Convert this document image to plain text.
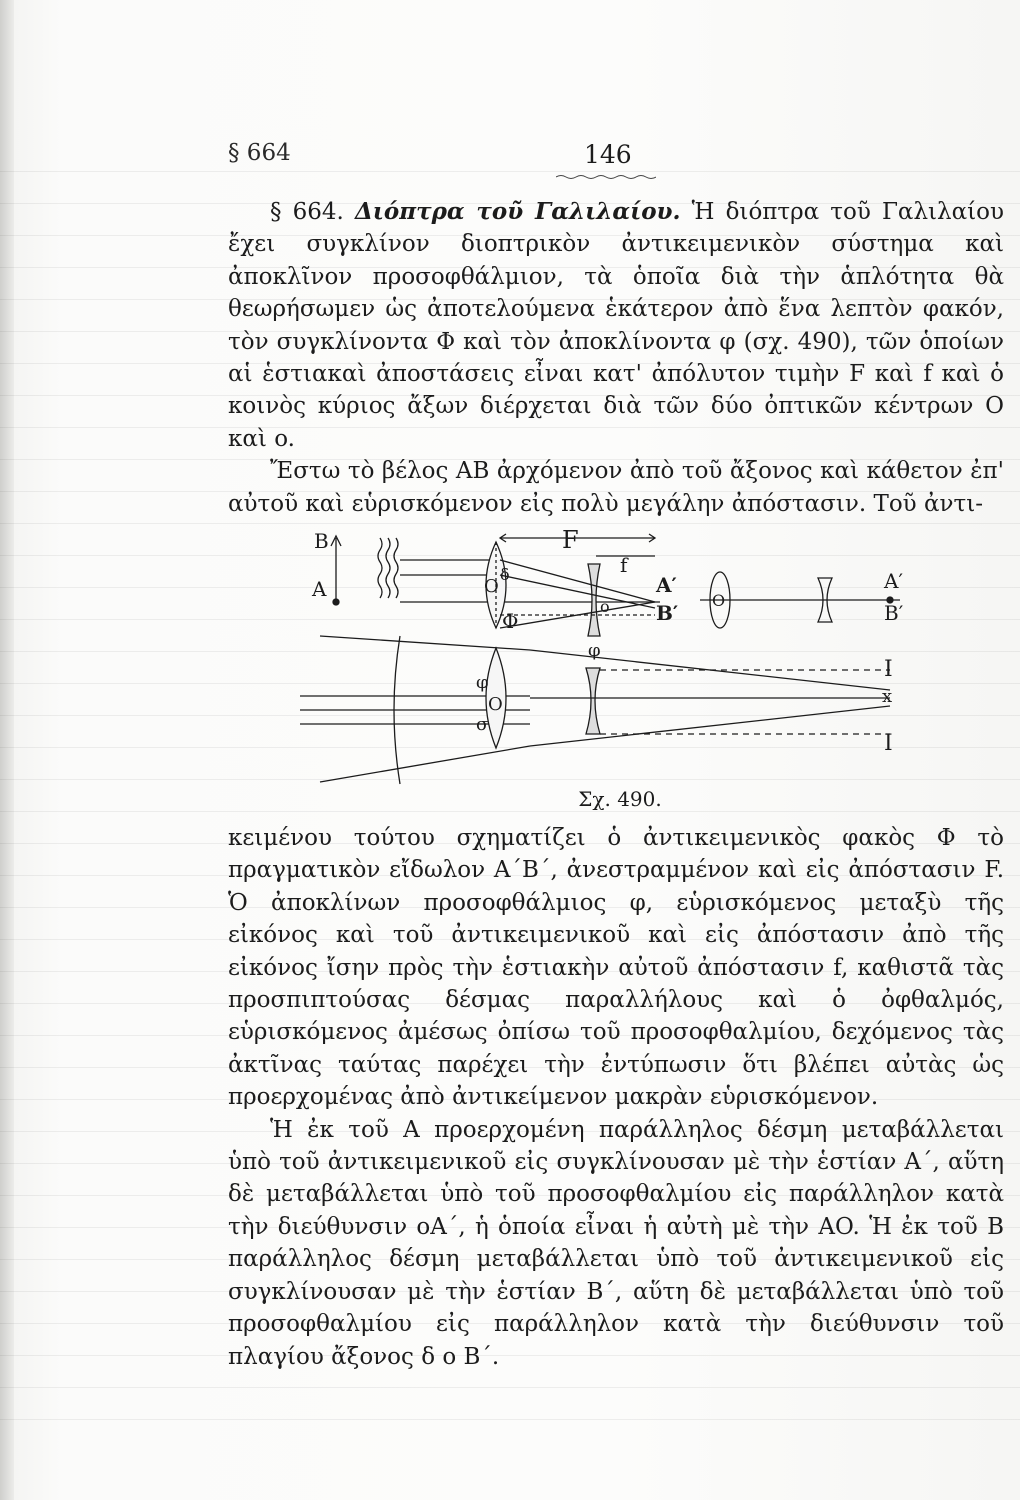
§ 664	146

§ 664. Διόπτρα τοῦ Γαλιλαίου. Ἡ διόπτρα τοῦ Γαλιλαίου ἔχει συγκλίνον διοπτρικὸν ἀντικειμενικὸν σύστημα καὶ ἀποκλῖνον προσοφθάλμιον, τὰ ὁποῖα διὰ τὴν ἁπλότητα θὰ θεωρήσωμεν ὡς ἀποτελούμενα ἑκάτερον ἀπὸ ἕνα λεπτὸν φακόν, τὸν συγκλίνοντα Φ καὶ τὸν ἀποκλίνοντα φ (σχ. 490), τῶν ὁποίων αἱ ἑστιακαὶ ἀποστάσεις εἶναι κατ' ἀπόλυτον τιμὴν F καὶ f καὶ ὁ κοινὸς κύριος ἄξων διέρχεται διὰ τῶν δύο ὀπτικῶν κέντρων O καὶ o.

Ἔστω τὸ βέλος AB ἀρχόμενον ἀπὸ τοῦ ἄξονος καὶ κάθετον ἐπ' αὐτοῦ καὶ εὑρισκόμενον εἰς πολὺ μεγάλην ἀπόστασιν. Τοῦ ἀντι-

B
A
F
f
A′
B′
δ
O
Φ
φ
o	O
A′
B′
I
x
I
φ
O
σ
Σχ. 490.

κειμένου τούτου σχηματίζει ὁ ἀντικειμενικὸς φακὸς Φ τὸ πραγματικὸν εἴδωλον A΄B΄, ἀνεστραμμένον καὶ εἰς ἀπόστασιν F. Ὁ ἀποκλίνων προσοφθάλμιος φ, εὑρισκόμενος μεταξὺ τῆς εἰκόνος καὶ τοῦ ἀντικειμενικοῦ καὶ εἰς ἀπόστασιν ἀπὸ τῆς εἰκόνος ἴσην πρὸς τὴν ἑστιακὴν αὐτοῦ ἀπόστασιν f, καθιστᾶ τὰς προσπιπτούσας δέσμας παραλλήλους καὶ ὁ ὀφθαλμός, εὑρισκόμενος ἀμέσως ὀπίσω τοῦ προσοφθαλμίου, δεχόμενος τὰς ἀκτῖνας ταύτας παρέχει τὴν ἐντύπωσιν ὅτι βλέπει αὐτὰς ὡς προερχομένας ἀπὸ ἀντικείμενον μακρὰν εὑρισκόμενον.

Ἡ ἐκ τοῦ A προερχομένη παράλληλος δέσμη μεταβάλλεται ὑπὸ τοῦ ἀντικειμενικοῦ εἰς συγκλίνουσαν μὲ τὴν ἑστίαν A΄, αὕτη δὲ μεταβάλλεται ὑπὸ τοῦ προσοφθαλμίου εἰς παράλληλον κατὰ τὴν διεύθυνσιν oA΄, ἡ ὁποία εἶναι ἡ αὐτὴ μὲ τὴν AO. Ἡ ἐκ τοῦ B παράλληλος δέσμη μεταβάλλεται ὑπὸ τοῦ ἀντικειμενικοῦ εἰς συγκλίνουσαν μὲ τὴν ἑστίαν B΄, αὕτη δὲ μεταβάλλεται ὑπὸ τοῦ προσοφθαλμίου εἰς παράλληλον κατὰ τὴν διεύθυνσιν τοῦ πλαγίου ἄξονος δ o B΄.
